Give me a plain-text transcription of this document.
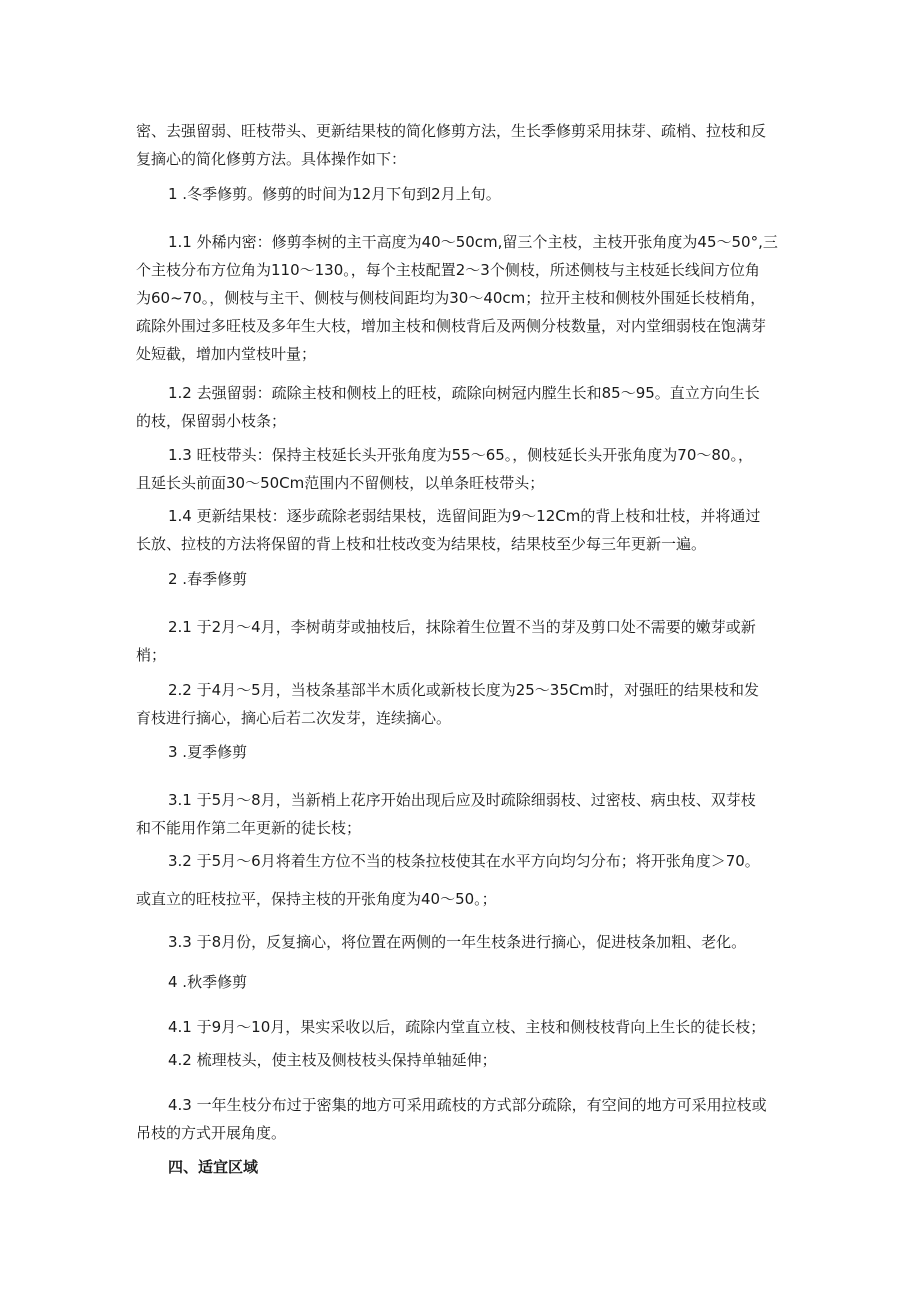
密、去强留弱、旺枝带头、更新结果枝的简化修剪方法，生长季修剪采用抹芽、疏梢、拉枝和反
复摘心的简化修剪方法。具体操作如下：
1 .冬季修剪。修剪的时间为12月下旬到2月上旬。
1.1 外稀内密：修剪李树的主干高度为40～50cm,留三个主枝，主枝开张角度为45～50°,三
个主枝分布方位角为110～130。，每个主枝配置2～3个侧枝，所述侧枝与主枝延长线间方位角
为60~70。，侧枝与主干、侧枝与侧枝间距均为30～40cm；拉开主枝和侧枝外围延长枝梢角，
疏除外围过多旺枝及多年生大枝，增加主枝和侧枝背后及两侧分枝数量，对内堂细弱枝在饱满芽
处短截，增加内堂枝叶量；
1.2 去强留弱：疏除主枝和侧枝上的旺枝，疏除向树冠内膛生长和85～95。直立方向生长
的枝，保留弱小枝条；
1.3 旺枝带头：保持主枝延长头开张角度为55～65。，侧枝延长头开张角度为70～80。，
且延长头前面30～50Cm范围内不留侧枝，以单条旺枝带头；
1.4 更新结果枝：逐步疏除老弱结果枝，选留间距为9～12Cm的背上枝和壮枝，并将通过
长放、拉枝的方法将保留的背上枝和壮枝改变为结果枝，结果枝至少每三年更新一遍。
2 .春季修剪
2.1 于2月～4月，李树萌芽或抽枝后，抹除着生位置不当的芽及剪口处不需要的嫩芽或新
梢；
2.2 于4月～5月，当枝条基部半木质化或新枝长度为25～35Cm时，对强旺的结果枝和发
育枝进行摘心，摘心后若二次发芽，连续摘心。
3 .夏季修剪
3.1 于5月～8月，当新梢上花序开始出现后应及时疏除细弱枝、过密枝、病虫枝、双芽枝
和不能用作第二年更新的徒长枝；
3.2 于5月～6月将着生方位不当的枝条拉枝使其在水平方向均匀分布；将开张角度＞70。
或直立的旺枝拉平，保持主枝的开张角度为40～50。；
3.3 于8月份，反复摘心，将位置在两侧的一年生枝条进行摘心，促进枝条加粗、老化。
4 .秋季修剪
4.1 于9月～10月，果实采收以后，疏除内堂直立枝、主枝和侧枝枝背向上生长的徒长枝；
4.2 梳理枝头，使主枝及侧枝枝头保持单轴延伸；
4.3 一年生枝分布过于密集的地方可采用疏枝的方式部分疏除，有空间的地方可采用拉枝或
吊枝的方式开展角度。
四、适宜区域
